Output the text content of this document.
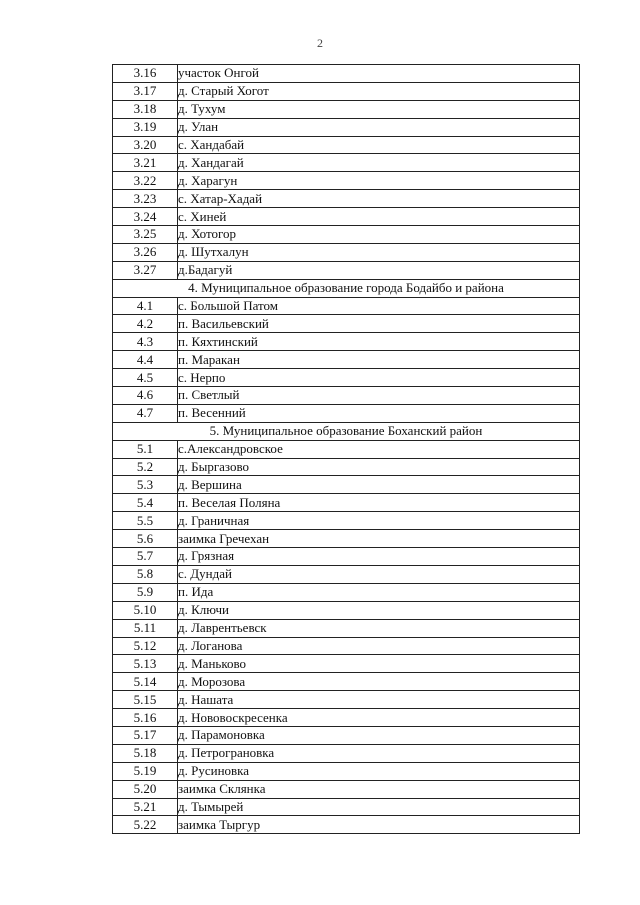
2
3.16	участок Онгой
3.17	д. Старый Хогот
3.18	д. Тухум
3.19	д. Улан
3.20	с. Хандабай
3.21	д. Хандагай
3.22	д. Харагун
3.23	с. Хатар-Хадай
3.24	с. Хиней
3.25	д. Хотогор
3.26	д. Шутхалун
3.27	д.Бадагуй
4. Муниципальное образование города Бодайбо и района	
4.1	с. Большой Патом
4.2	п. Васильевский
4.3	п. Кяхтинский
4.4	п. Маракан
4.5	с. Нерпо
4.6	п. Светлый
4.7	п. Весенний
5. Муниципальное образование Боханский район	
5.1	с.Александровское
5.2	д. Быргазово
5.3	д. Вершина
5.4	п. Веселая Поляна
5.5	д. Граничная
5.6	заимка Гречехан
5.7	д. Грязная
5.8	с. Дундай
5.9	п. Ида
5.10	д. Ключи
5.11	д. Лаврентьевск
5.12	д. Логанова
5.13	д. Маньково
5.14	д. Морозова
5.15	д. Нашата
5.16	д. Нововоскресенка
5.17	д. Парамоновка
5.18	д. Петрограновка
5.19	д. Русиновка
5.20	заимка Склянка
5.21	д. Тымырей
5.22	заимка Тыргур
